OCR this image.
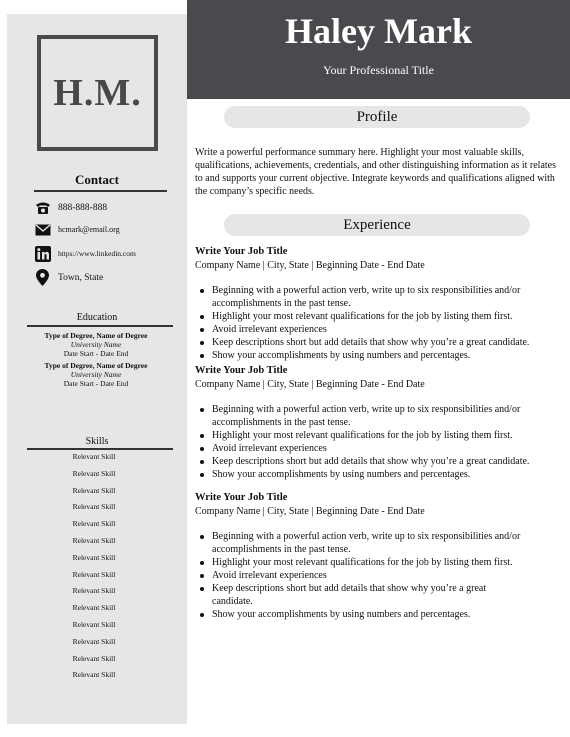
H.M.
Contact
888-888-888
hcmark@email.org
https://www.linkedin.com
Town, State
Education
Type of Degree, Name of Degree
University Name
Date Start - Date End
Type of Degree, Name of Degree
University Name
Date Start - Date End
Skills
Relevant Skill
Relevant Skill
Relevant Skill
Relevant Skill
Relevant Skill
Relevant Skill
Relevant Skill
Relevant Skill
Relevant Skill
Relevant Skill
Relevant Skill
Relevant Skill
Relevant Skill
Relevant Skill
Haley Mark
Your Professional Title
Profile
Write a powerful performance summary here. Highlight your most valuable skills, qualifications, achievements, credentials, and other distinguishing information as it relates to and supports your current objective. Integrate keywords and qualifications aligned with the company’s specific needs.
Experience
Write Your Job Title
Company Name | City, State | Beginning Date - End Date
Beginning with a powerful action verb, write up to six responsibilities and/or accomplishments in the past tense.
Highlight your most relevant qualifications for the job by listing them first.
Avoid irrelevant experiences
Keep descriptions short but add details that show why you’re a great candidate.
Show your accomplishments by using numbers and percentages.
Write Your Job Title
Company Name | City, State | Beginning Date - End Date
Beginning with a powerful action verb, write up to six responsibilities and/or accomplishments in the past tense.
Highlight your most relevant qualifications for the job by listing them first.
Avoid irrelevant experiences
Keep descriptions short but add details that show why you’re a great candidate.
Show your accomplishments by using numbers and percentages.
Write Your Job Title
Company Name | City, State | Beginning Date - End Date
Beginning with a powerful action verb, write up to six responsibilities and/or accomplishments in the past tense.
Highlight your most relevant qualifications for the job by listing them first.
Avoid irrelevant experiences
Keep descriptions short but add details that show why you’re a great candidate.
Show your accomplishments by using numbers and percentages.
